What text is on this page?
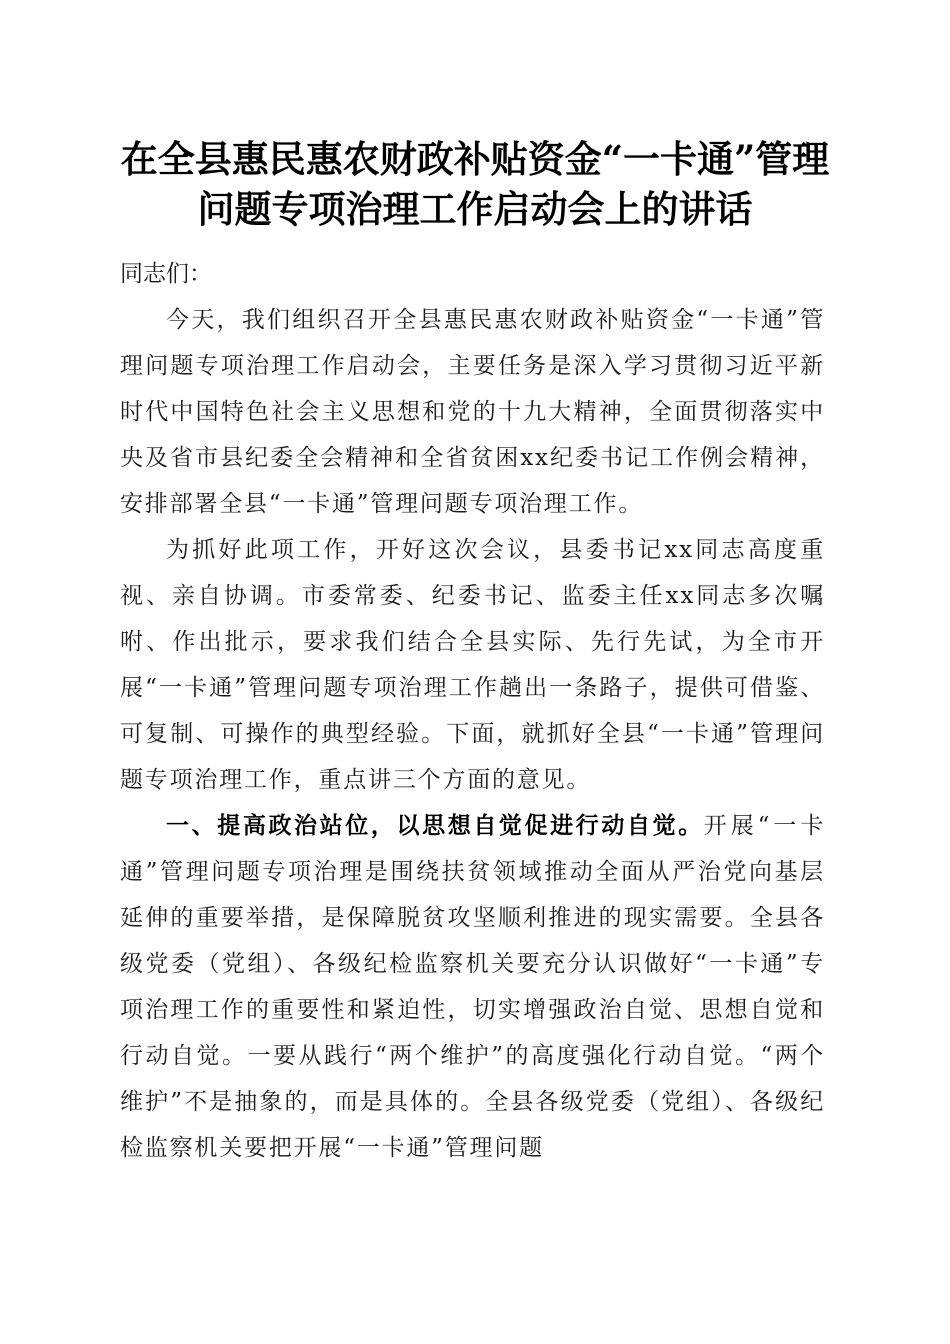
在全县惠民惠农财政补贴资金“一卡通”管理
问题专项治理工作启动会上的讲话

同志们：

今天，我们组织召开全县惠民惠农财政补贴资金“一卡通”管理问题专项治理工作启动会，主要任务是深入学习贯彻习近平新时代中国特色社会主义思想和党的十九大精神，全面贯彻落实中央及省市县纪委全会精神和全省贫困xx纪委书记工作例会精神，安排部署全县“一卡通”管理问题专项治理工作。

为抓好此项工作，开好这次会议，县委书记xx同志高度重视、亲自协调。市委常委、纪委书记、监委主任xx同志多次嘱咐、作出批示，要求我们结合全县实际、先行先试，为全市开展“一卡通”管理问题专项治理工作趟出一条路子，提供可借鉴、可复制、可操作的典型经验。下面，就抓好全县“一卡通”管理问题专项治理工作，重点讲三个方面的意见。

一、提高政治站位，以思想自觉促进行动自觉。开展“一卡通”管理问题专项治理是围绕扶贫领域推动全面从严治党向基层延伸的重要举措，是保障脱贫攻坚顺利推进的现实需要。全县各级党委（党组）、各级纪检监察机关要充分认识做好“一卡通”专项治理工作的重要性和紧迫性，切实增强政治自觉、思想自觉和行动自觉。一要从践行“两个维护”的高度强化行动自觉。“两个维护”不是抽象的，而是具体的。全县各级党委（党组）、各级纪检监察机关要把开展“一卡通”管理问题
